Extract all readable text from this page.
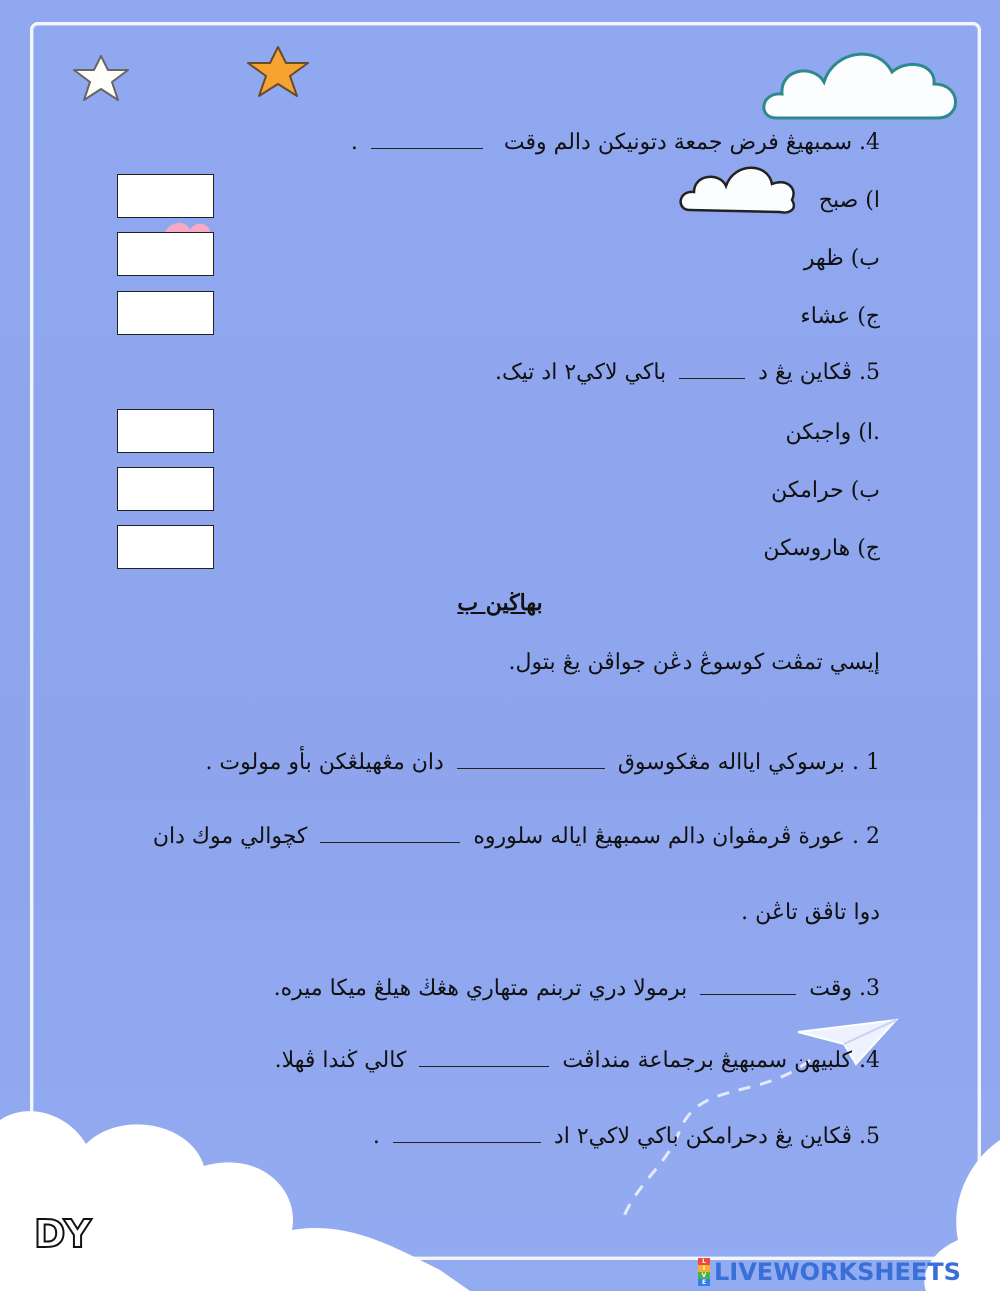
4. سمبهيڠ فرض جمعة دتونيكن دالم وقت  .
ا) صبح
ب) ظهر
ج) عشاء
5. ڤكاين يڠ د  باکي لاکي٢ اد تيک.
.ا) واجبكن
ب) حرامكن
ج) هاروسكن
بهاڬين ب
إيسي تمڤت كوسوڠ دڠن جواڤن يڠ بتول.
1 . برسوكي ايااله مڠكوسوق  دان مڠهيلڠكن بأو مولوت .
2 . عورة ڤرمڤوان دالم سمبهيڠ اياله سلوروه  كچوالي موك دان
دوا تاڤق تاڠن .
3. وقت  برمولا دري تربنم متهاري هڠڬ هيلڠ ميكا ميره.
4. كلبيهن سمبهيڠ برجماعة منداڤت  كالي ڬندا ڤهلا.
5. ڤكاين يڠ دحرامكن باكي لاكي٢ اد  .
DY
L
I
V
E LIVEWORKSHEETS
